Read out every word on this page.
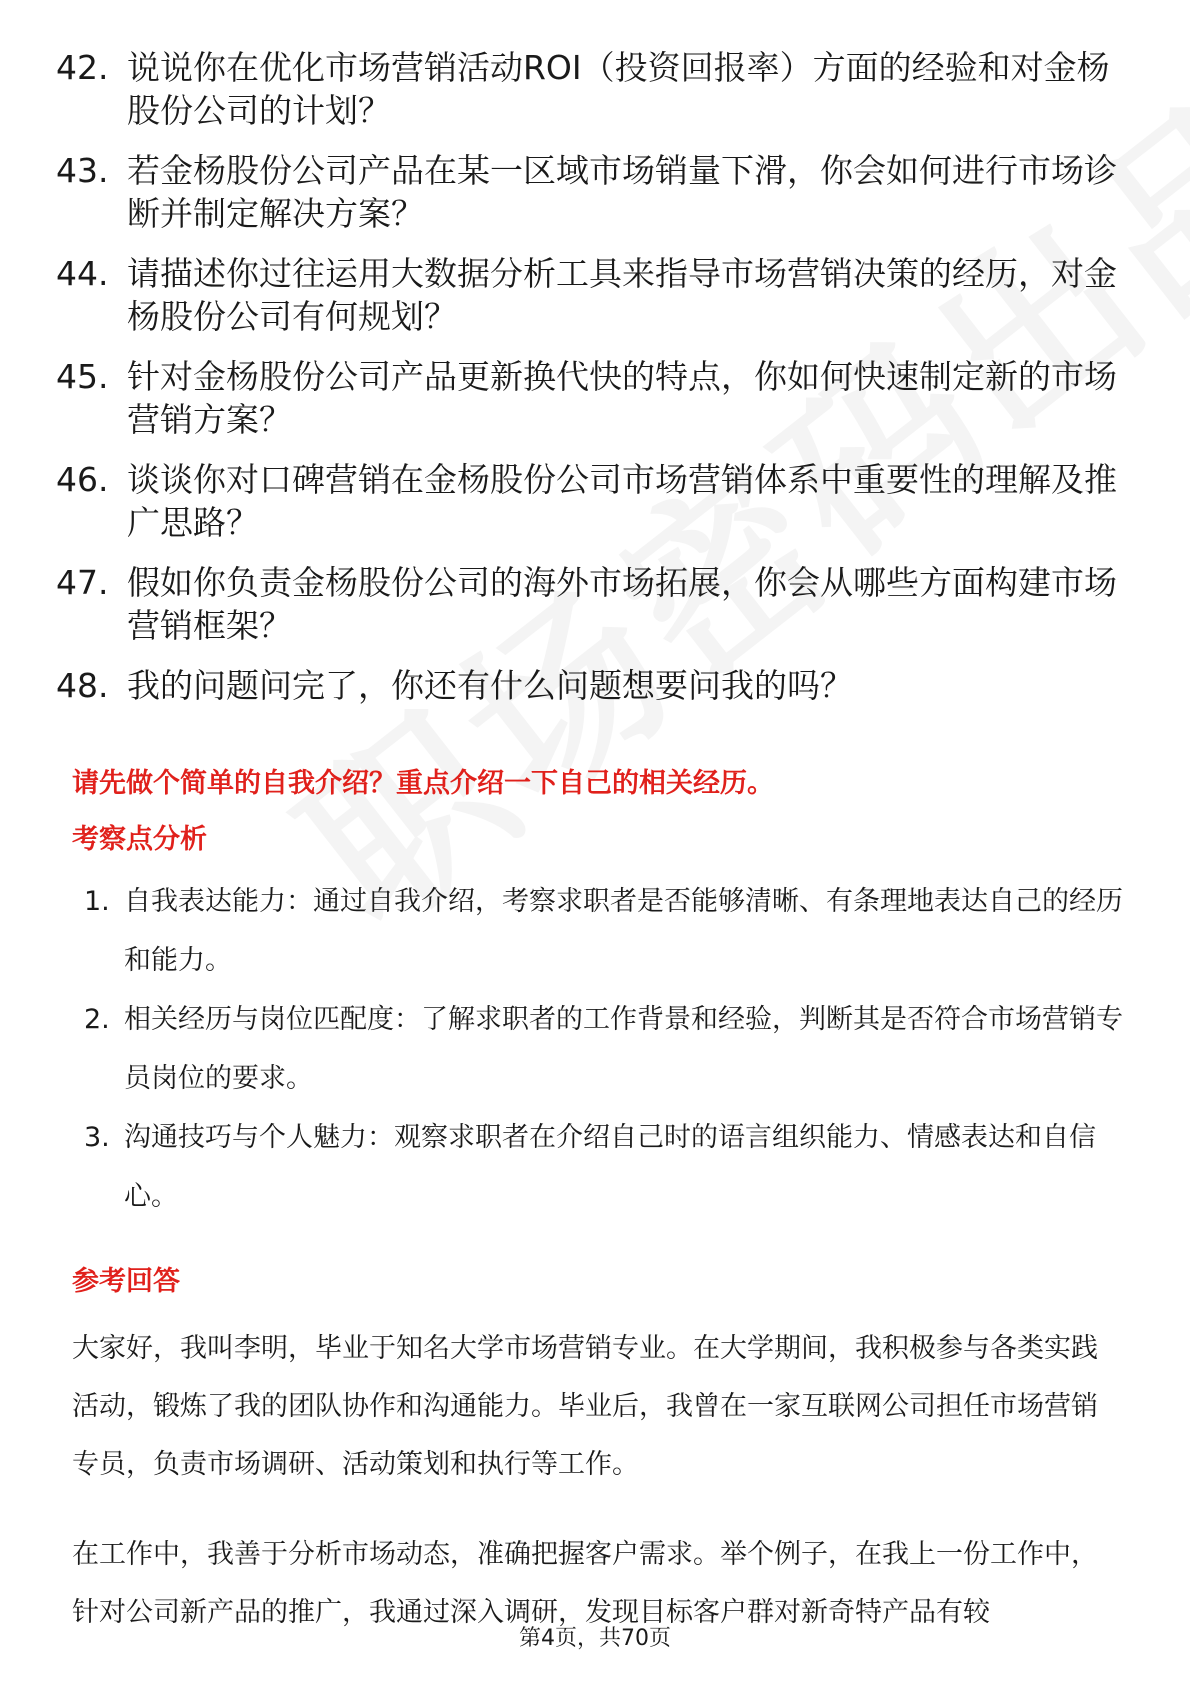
42. 说说你在优化市场营销活动ROI（投资回报率）方面的经验和对金杨股份公司的计划？
43. 若金杨股份公司产品在某一区域市场销量下滑，你会如何进行市场诊断并制定解决方案？
44. 请描述你过往运用大数据分析工具来指导市场营销决策的经历，对金杨股份公司有何规划？
45. 针对金杨股份公司产品更新换代快的特点，你如何快速制定新的市场营销方案？
46. 谈谈你对口碑营销在金杨股份公司市场营销体系中重要性的理解及推广思路？
47. 假如你负责金杨股份公司的海外市场拓展，你会从哪些方面构建市场营销框架？
48. 我的问题问完了，你还有什么问题想要问我的吗？
请先做个简单的自我介绍？重点介绍一下自己的相关经历。
考察点分析
1. 自我表达能力：通过自我介绍，考察求职者是否能够清晰、有条理地表达自己的经历和能力。
2. 相关经历与岗位匹配度：了解求职者的工作背景和经验，判断其是否符合市场营销专员岗位的要求。
3. 沟通技巧与个人魅力：观察求职者在介绍自己时的语言组织能力、情感表达和自信心。
参考回答

大家好，我叫李明，毕业于知名大学市场营销专业。在大学期间，我积极参与各类实践活动，锻炼了我的团队协作和沟通能力。毕业后，我曾在一家互联网公司担任市场营销专员，负责市场调研、活动策划和执行等工作。

在工作中，我善于分析市场动态，准确把握客户需求。举个例子，在我上一份工作中，针对公司新产品的推广，我通过深入调研，发现目标客户群对新奇特产品有较

第4页，共70页
